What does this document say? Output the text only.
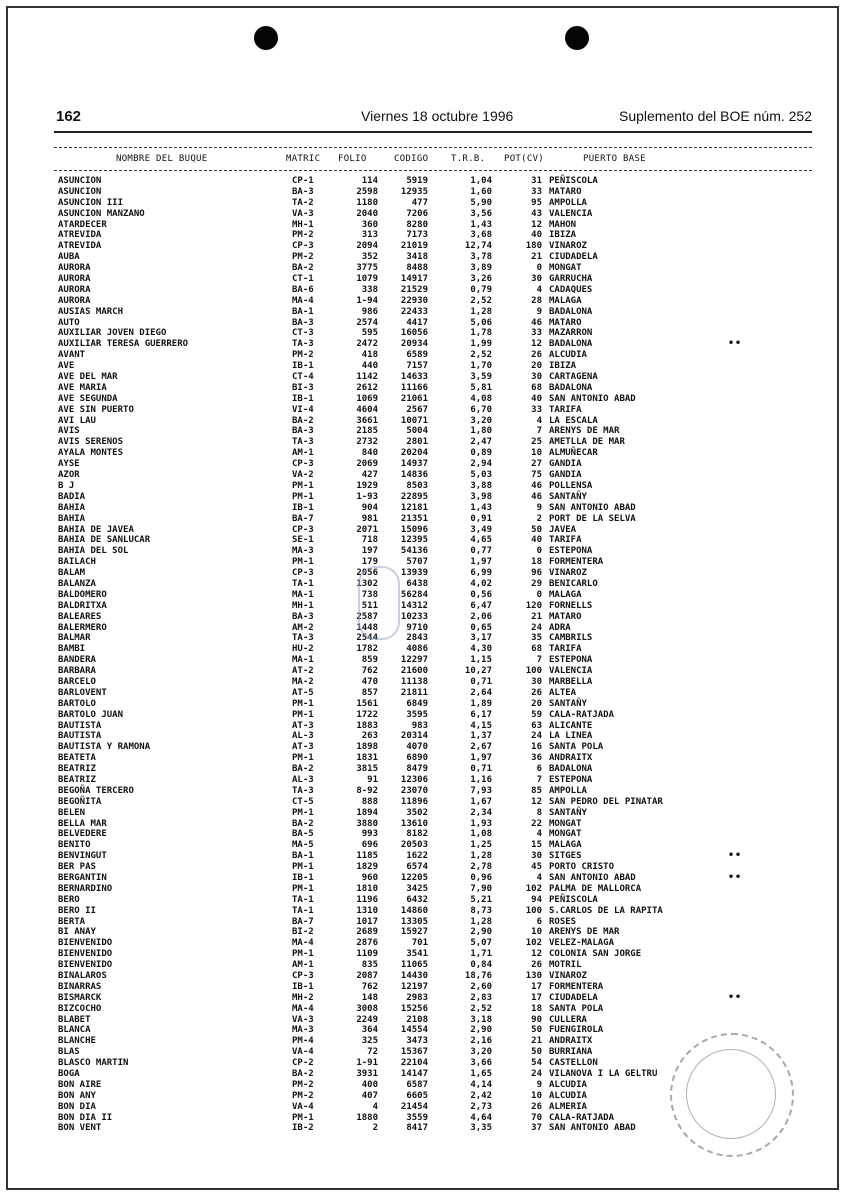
162	Viernes 18 octubre 1996	Suplemento del BOE núm. 252
NOMBRE DEL BUQUE	MATRIC FOLIO	CODIGO	T.R.B. POT(CV)	PUERTO BASE
ASUNCION	CP-1	114	5919	1,04	31 PEÑISCOLA
ASUNCION	BA-3	2598	12935	1,60	33 MATARO
ASUNCION III	TA-2	1180	477	5,90	95 AMPOLLA
ASUNCION MANZANO	VA-3	2040	7206	3,56	43 VALENCIA
ATARDECER	MH-1	360	8280	1,43	12 MAHON
ATREVIDA	PM-2	313	7173	3,68	40 IBIZA
ATREVIDA	CP-3	2094	21019	12,74	180 VINAROZ
AUBA	PM-2	352	3418	3,78	21 CIUDADELA
AURORA	BA-2	3775	8488	3,89	0 MONGAT
AURORA	CT-1	1079	14917	3,26	30 GARRUCHA
AURORA	BA-6	338	21529	0,79	4 CADAQUES
AURORA	MA-4	1-94	22930	2,52	28 MALAGA
AUSIAS MARCH	BA-1	986	22433	1,28	9 BADALONA
AUTO	BA-3	2574	4417	5,06	46 MATARO
AUXILIAR JOVEN DIEGO	CT-3	595	16056	1,78	33 MAZARRON
AUXILIAR TERESA GUERRERO	TA-3	2472	20934	1,99	12 BADALONA	••
AVANT	PM-2	418	6589	2,52	26 ALCUDIA
AVE	IB-1	440	7157	1,70	20 IBIZA
AVE DEL MAR	CT-4	1142	14633	3,59	30 CARTAGENA
AVE MARIA	BI-3	2612	11166	5,81	68 BADALONA
AVE SEGUNDA	IB-1	1069	21061	4,08	40 SAN ANTONIO ABAD
AVE SIN PUERTO	VI-4	4604	2567	6,70	33 TARIFA
AVI LAU	BA-2	3661	10071	3,20	4 LA ESCALA
AVIS	BA-3	2185	5004	1,80	7 ARENYS DE MAR
AVIS SERENOS	TA-3	2732	2801	2,47	25 AMETLLA DE MAR
AYALA MONTES	AM-1	840	20204	0,89	10 ALMUÑECAR
AYSE	CP-3	2069	14937	2,94	27 GANDIA
AZOR	VA-2	427	14836	5,03	75 GANDIA
B J	PM-1	1929	8503	3,88	46 POLLENSA
BADIA	PM-1	1-93	22895	3,98	46 SANTAÑY
BAHIA	IB-1	904	12181	1,43	9 SAN ANTONIO ABAD
BAHIA	BA-7	981	21351	0,91	2 PORT DE LA SELVA
BAHIA DE JAVEA	CP-3	2071	15096	3,49	50 JAVEA
BAHIA DE SANLUCAR	SE-1	718	12395	4,65	40 TARIFA
BAHIA DEL SOL	MA-3	197	54136	0,77	0 ESTEPONA
BAILACH	PM-1	179	5707	1,97	18 FORMENTERA
BALAM	CP-3	2056	13939	6,99	96 VINAROZ
BALANZA	TA-1	1302	6438	4,02	29 BENICARLO
BALDOMERO	MA-1	738	56284	0,56	0 MALAGA
BALDRITXA	MH-1	511	14312	6,47	120 FORNELLS
BALEARES	BA-3	2587	10233	2,06	21 MATARO
BALERMERO	AM-2	1448	9710	0,65	24 ADRA
BALMAR	TA-3	2544	2843	3,17	35 CAMBRILS
BAMBI	HU-2	1782	4086	4,30	68 TARIFA
BANDERA	MA-1	859	12297	1,15	7 ESTEPONA
BARBARA	AT-2	762	21600	10,27	100 VALENCIA
BARCELO	MA-2	470	11138	0,71	30 MARBELLA
BARLOVENT	AT-5	857	21811	2,64	26 ALTEA
BARTOLO	PM-1	1561	6849	1,89	20 SANTAÑY
BARTOLO JUAN	PM-1	1722	3595	6,17	59 CALA-RATJADA
BAUTISTA	AT-3	1883	983	4,15	63 ALICANTE
BAUTISTA	AL-3	263	20314	1,37	24 LA LINEA
BAUTISTA Y RAMONA	AT-3	1898	4070	2,67	16 SANTA POLA
BEATETA	PM-1	1831	6890	1,97	36 ANDRAITX
BEATRIZ	BA-2	3815	8479	0,71	6 BADALONA
BEATRIZ	AL-3	91	12306	1,16	7 ESTEPONA
BEGOÑA TERCERO	TA-3	8-92	23070	7,93	85 AMPOLLA
BEGOÑITA	CT-5	888	11896	1,67	12 SAN PEDRO DEL PINATAR
BELEN	PM-1	1894	3502	2,34	8 SANTAÑY
BELLA MAR	BA-2	3880	13610	1,93	22 MONGAT
BELVEDERE	BA-5	993	8182	1,08	4 MONGAT
BENITO	MA-5	696	20503	1,25	15 MALAGA
BENVINGUT	BA-1	1185	1622	1,28	30 SITGES	••
BER PAS	PM-1	1829	6574	2,78	45 PORTO CRISTO
BERGANTIN	IB-1	960	12205	0,96	4 SAN ANTONIO ABAD	••
BERNARDINO	PM-1	1810	3425	7,90	102 PALMA DE MALLORCA
BERO	TA-1	1196	6432	5,21	94 PEÑISCOLA
BERO II	TA-1	1310	14860	8,73	100 S.CARLOS DE LA RAPITA
BERTA	BA-7	1017	13305	1,28	6 ROSES
BI ANAY	BI-2	2689	15927	2,90	10 ARENYS DE MAR
BIENVENIDO	MA-4	2876	701	5,07	102 VELEZ-MALAGA
BIENVENIDO	PM-1	1109	3541	1,71	12 COLONIA SAN JORGE
BIENVENIDO	AM-1	835	11065	0,84	26 MOTRIL
BINALAROS	CP-3	2087	14430	18,76	130 VINAROZ
BINARRAS	IB-1	762	12197	2,60	17 FORMENTERA
BISMARCK	MH-2	148	2983	2,83	17 CIUDADELA	••
BIZCOCHO	MA-4	3008	15256	2,52	18 SANTA POLA
BLABET	VA-3	2249	2108	3,18	90 CULLERA
BLANCA	MA-3	364	14554	2,90	50 FUENGIROLA
BLANCHE	PM-4	325	3473	2,16	21 ANDRAITX
BLAS	VA-4	72	15367	3,20	50 BURRIANA
BLASCO MARTIN	CP-2	1-91	22104	3,66	54 CASTELLON
BOGA	BA-2	3931	14147	1,65	24 VILANOVA I LA GELTRU
BON AIRE	PM-2	400	6587	4,14	9 ALCUDIA
BON ANY	PM-2	407	6605	2,42	10 ALCUDIA
BON DIA	VA-4	4	21454	2,73	26 ALMERIA
BON DIA II	PM-1	1880	3559	4,64	70 CALA-RATJADA
BON VENT	IB-2	2	8417	3,35	37 SAN ANTONIO ABAD
